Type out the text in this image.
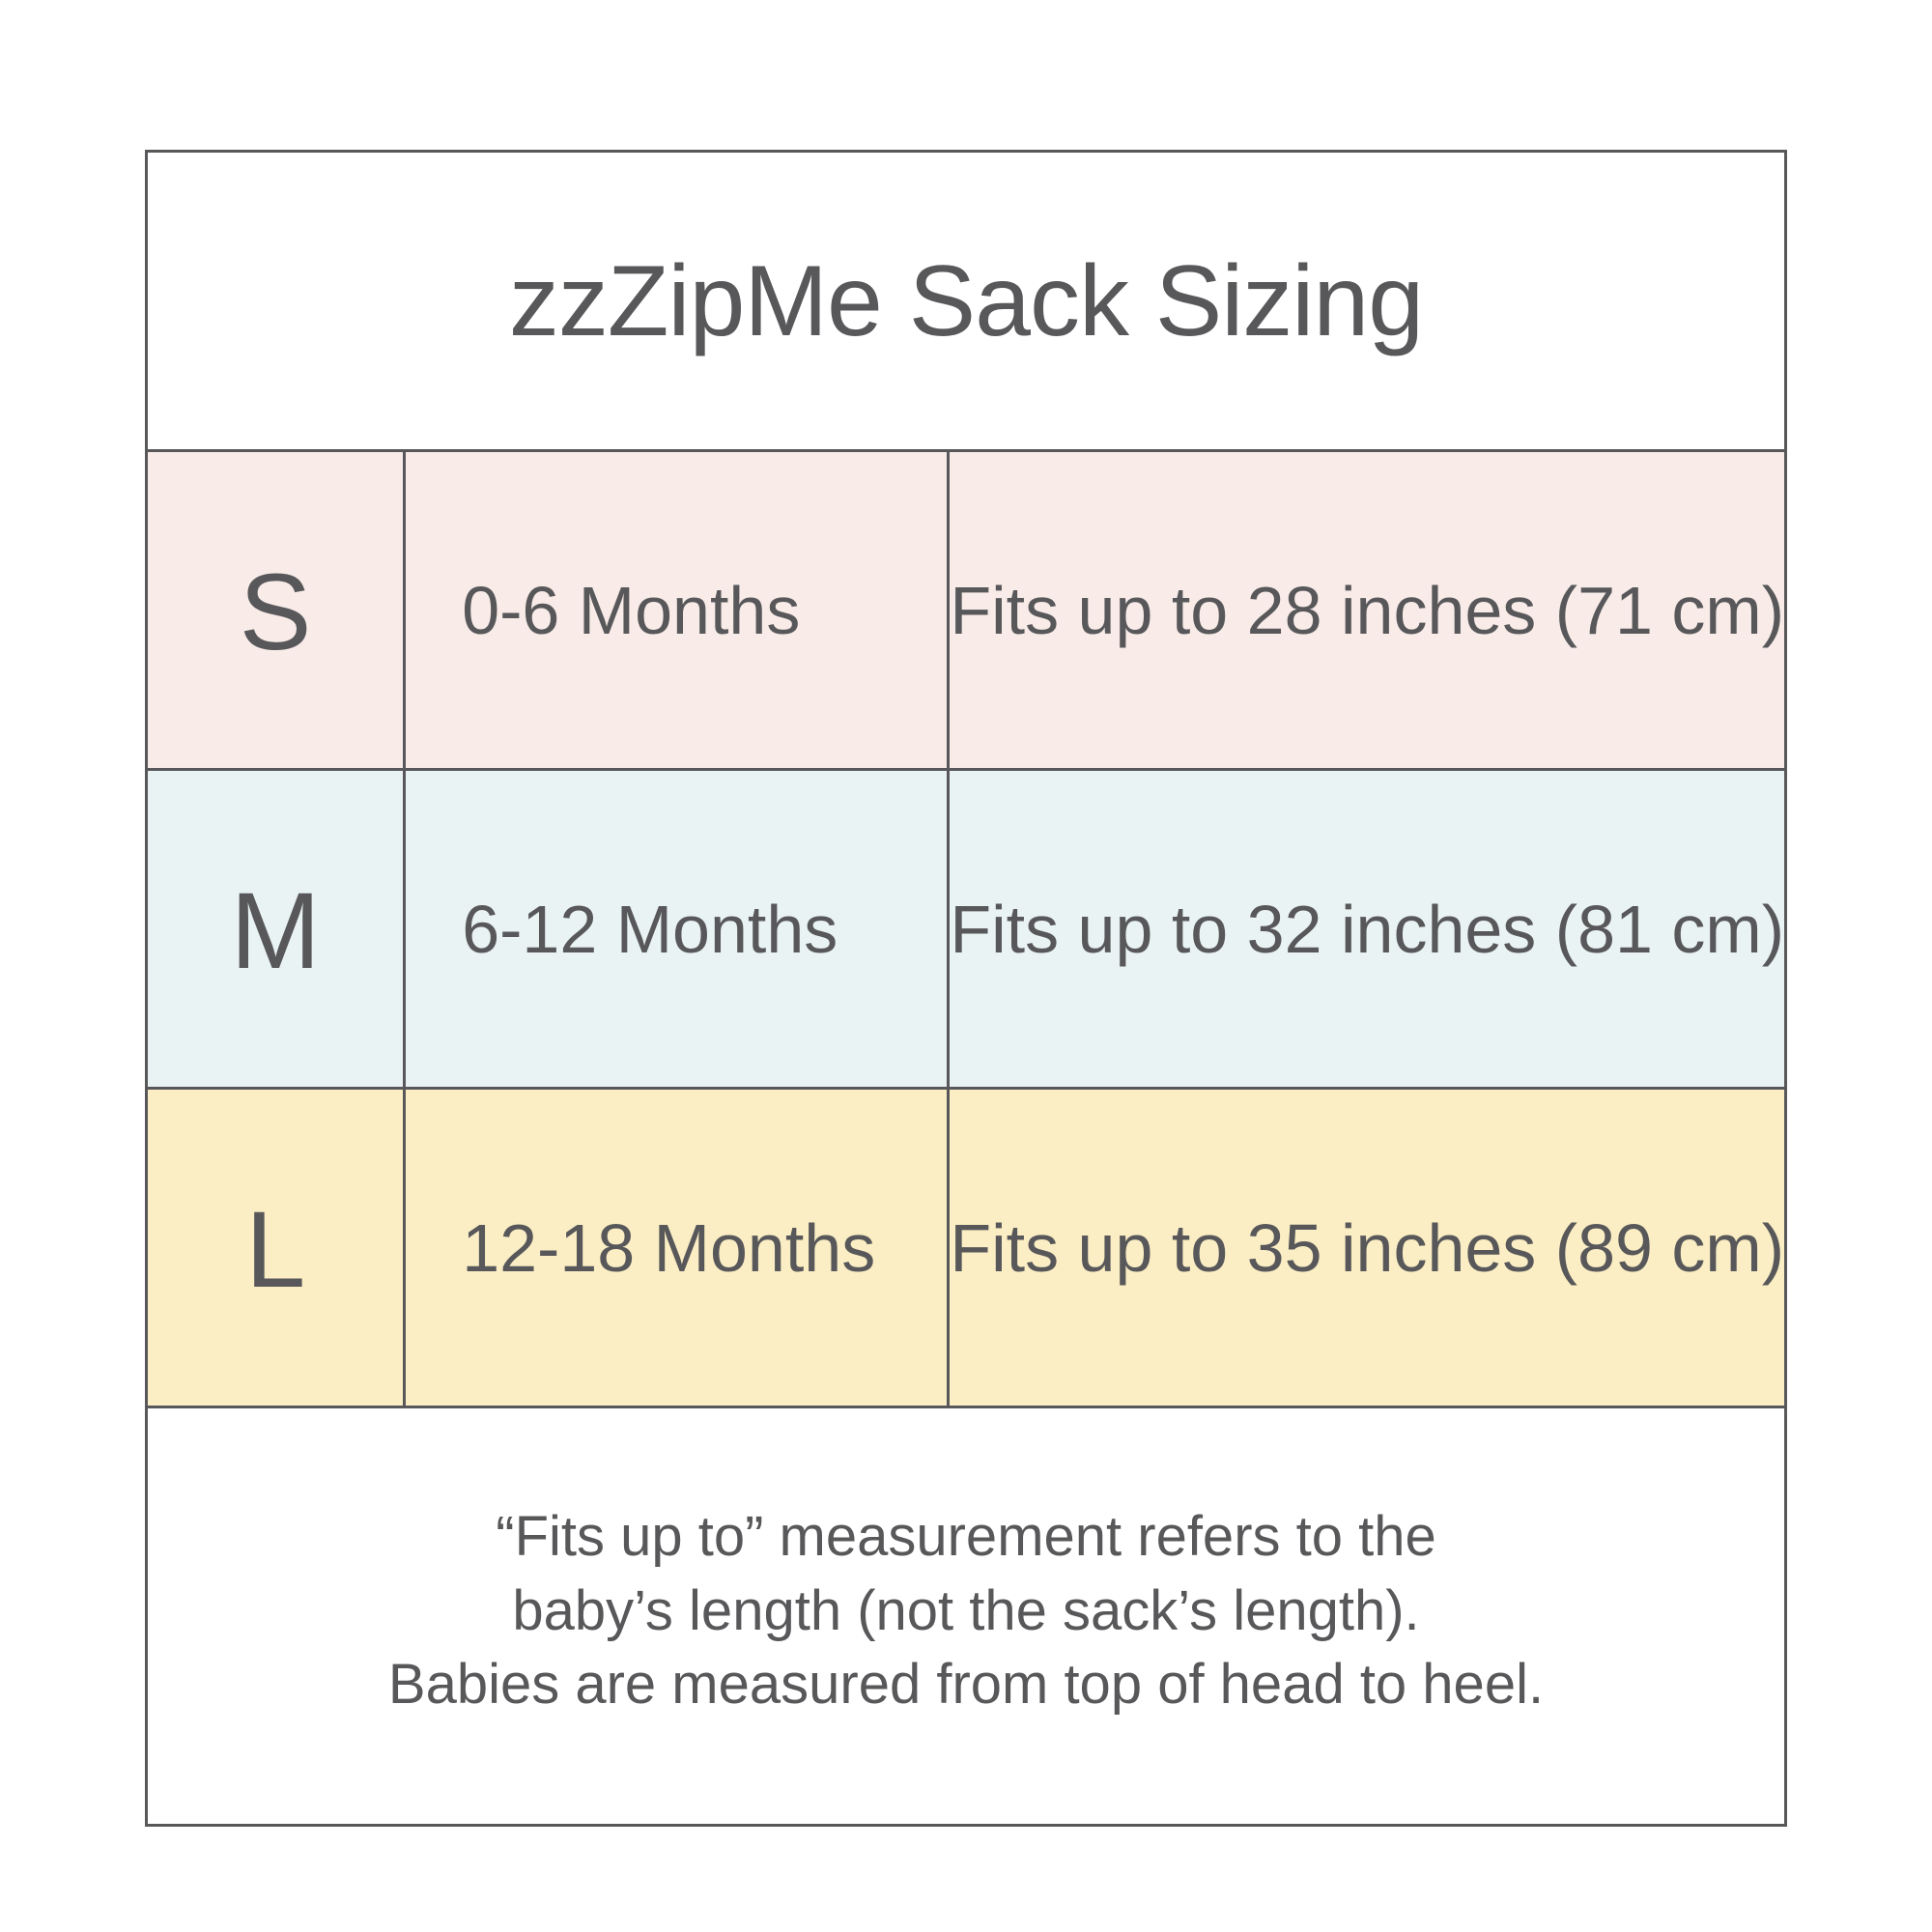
zzZipMe Sack Sizing
S 0-6 Months Fits up to 28 inches (71 cm)
M 6-12 Months Fits up to 32 inches (81 cm)
L 12-18 Months Fits up to 35 inches (89 cm)
“Fits up to” measurement refers to the
baby’s length (not the sack’s length).
Babies are measured from top of head to heel.
